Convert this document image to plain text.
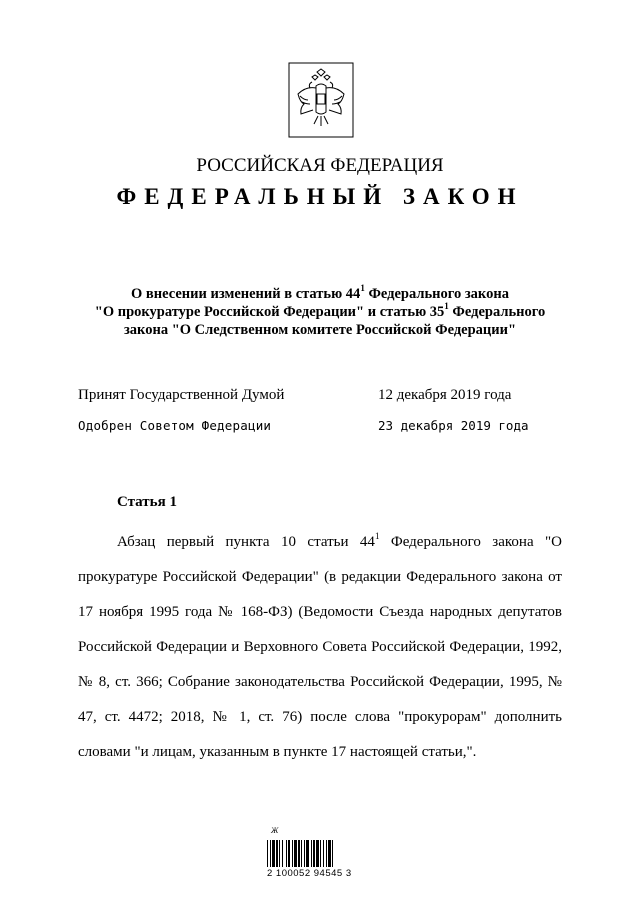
РОССИЙСКАЯ ФЕДЕРАЦИЯ
ФЕДЕРАЛЬНЫЙ ЗАКОН
О внесении изменений в статью $44^1$ Федерального закона
"О прокуратуре Российской Федерации" и статью $35^1$ Федерального
закона "О Следственном комитете Российской Федерации"
Принят Государственной Думой	12 декабря 2019 года
Одобрен Советом Федерации	23 декабря 2019 года
Статья 1
Абзац первый пункта 10 статьи $44^1$ Федерального закона "О прокуратуре Российской Федерации" (в редакции Федерального закона от 17 ноября 1995 года № 168-ФЗ) (Ведомости Съезда народных депутатов Российской Федерации и Верховного Совета Российской Федерации, 1992, № 8, ст. 366; Собрание законодательства Российской Федерации, 1995, № 47, ст. 4472; 2018, № 1, ст. 76) после слова "прокурорам" дополнить словами "и лицам, указанным в пункте 17 настоящей статьи,".
Ж
2 100052 94545 3
